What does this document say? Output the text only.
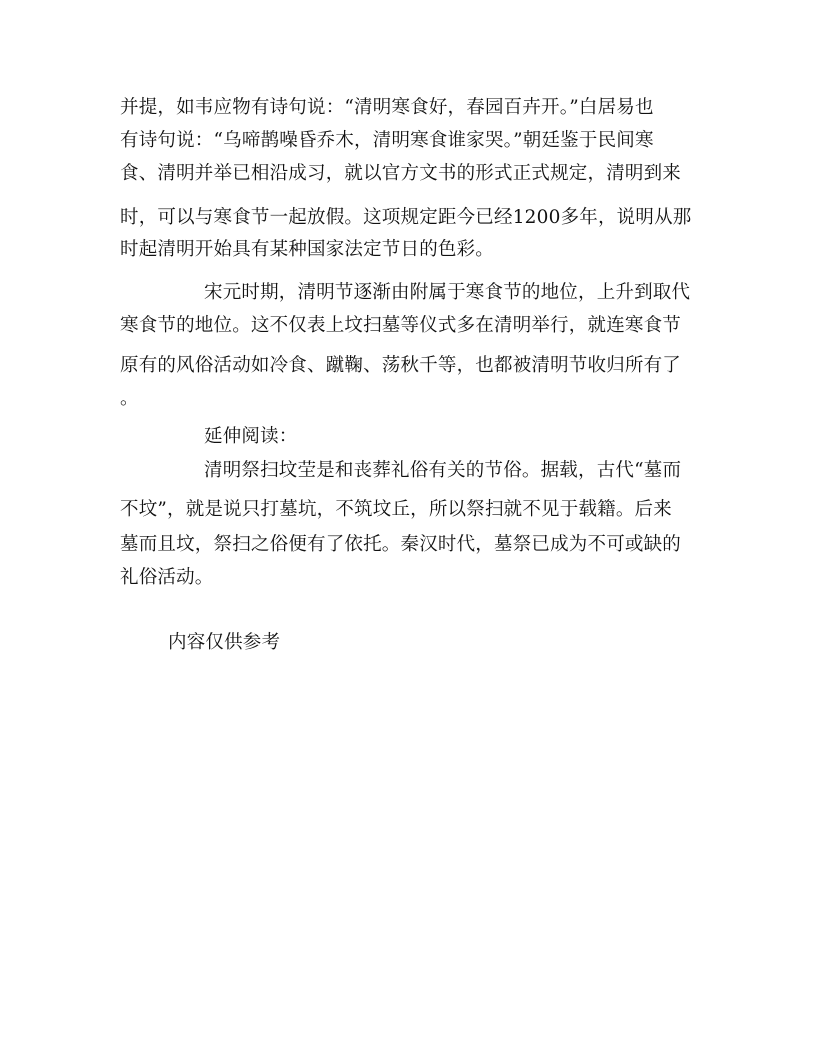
并提，如韦应物有诗句说：“清明寒食好，春园百卉开。”白居易也
有诗句说：“乌啼鹊噪昏乔木，清明寒食谁家哭。”朝廷鉴于民间寒
食、清明并举已相沿成习，就以官方文书的形式正式规定，清明到来
时，可以与寒食节一起放假。这项规定距今已经1200多年，说明从那
时起清明开始具有某种国家法定节日的色彩。
宋元时期，清明节逐渐由附属于寒食节的地位，上升到取代
寒食节的地位。这不仅表上坟扫墓等仪式多在清明举行，就连寒食节
原有的风俗活动如冷食、蹴鞠、荡秋千等，也都被清明节收归所有了
。
延伸阅读：
清明祭扫坟茔是和丧葬礼俗有关的节俗。据载，古代“墓而
不坟”，就是说只打墓坑，不筑坟丘，所以祭扫就不见于载籍。后来
墓而且坟，祭扫之俗便有了依托。秦汉时代，墓祭已成为不可或缺的
礼俗活动。
内容仅供参考
